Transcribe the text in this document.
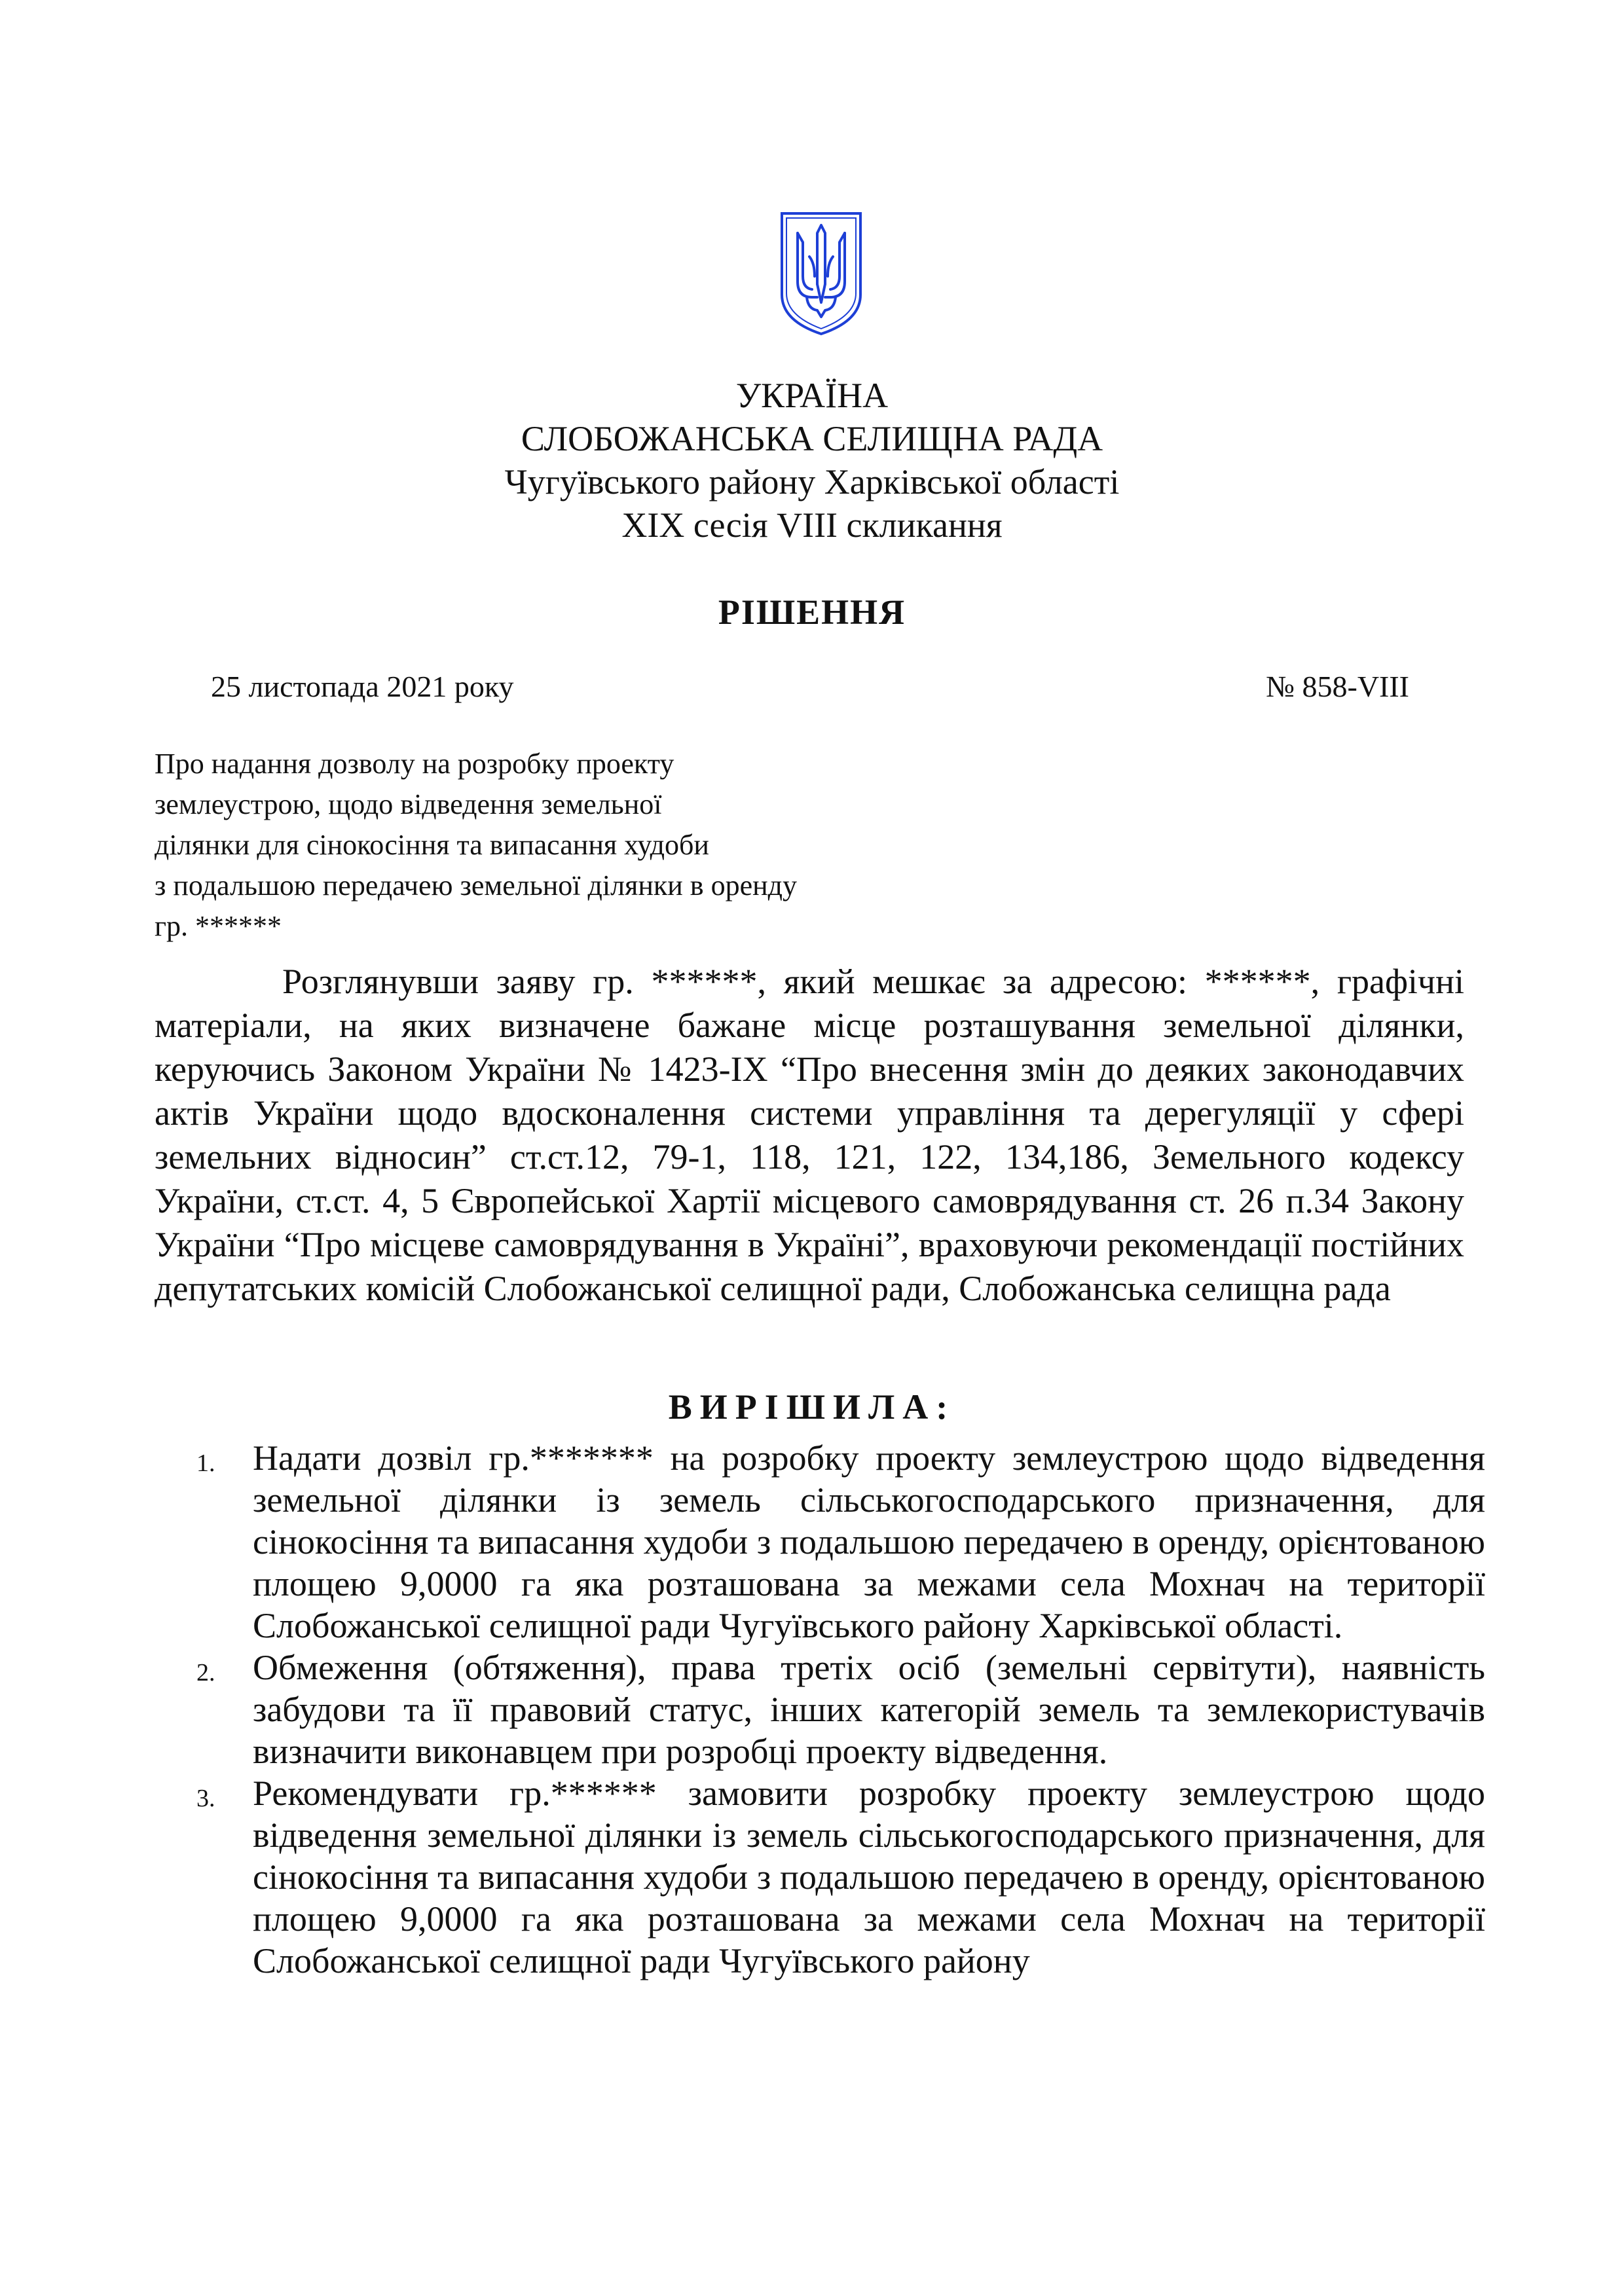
УКРАЇНА
СЛОБОЖАНСЬКА СЕЛИЩНА РАДА
Чугуївського району Харківської області
XIX сесія VIII скликання
РІШЕННЯ
25 листопада 2021 року	№ 858-VIII
Про надання дозволу на розробку проекту
землеустрою, щодо відведення земельної
ділянки для сінокосіння та випасання худоби
з подальшою передачею земельної ділянки в оренду
гр. ******
Розглянувши заяву гр. ******, який мешкає за адресою: ******, графічні матеріали, на яких визначене бажане місце розташування земельної ділянки, керуючись Законом України № 1423-IX “Про внесення змін до деяких законодавчих актів України щодо вдосконалення системи управління та дерегуляції у сфері земельних відносин” ст.ст.12, 79-1, 118, 121, 122, 134,186, Земельного кодексу України, ст.ст. 4, 5 Європейської Хартії місцевого самоврядування ст. 26 п.34 Закону України “Про місцеве самоврядування в Україні”, враховуючи рекомендації постійних депутатських комісій Слобожанської селищної ради, Слобожанська селищна рада
ВИРІШИЛА:
1. Надати дозвіл гр.******* на розробку проекту землеустрою щодо відведення земельної ділянки із земель сільськогосподарського призначення, для сінокосіння та випасання худоби з подальшою передачею в оренду, орієнтованою площею 9,0000 га яка розташована за межами села Мохнач на території Слобожанської селищної ради Чугуївського району Харківської області.
2. Обмеження (обтяження), права третіх осіб (земельні сервітути), наявність забудови та її правовий статус, інших категорій земель та землекористувачів визначити виконавцем при розробці проекту відведення.
3. Рекомендувати гр.****** замовити розробку проекту землеустрою щодо відведення земельної ділянки із земель сільськогосподарського призначення, для сінокосіння та випасання худоби з подальшою передачею в оренду, орієнтованою площею 9,0000 га яка розташована за межами села Мохнач на території Слобожанської селищної ради Чугуївського району
